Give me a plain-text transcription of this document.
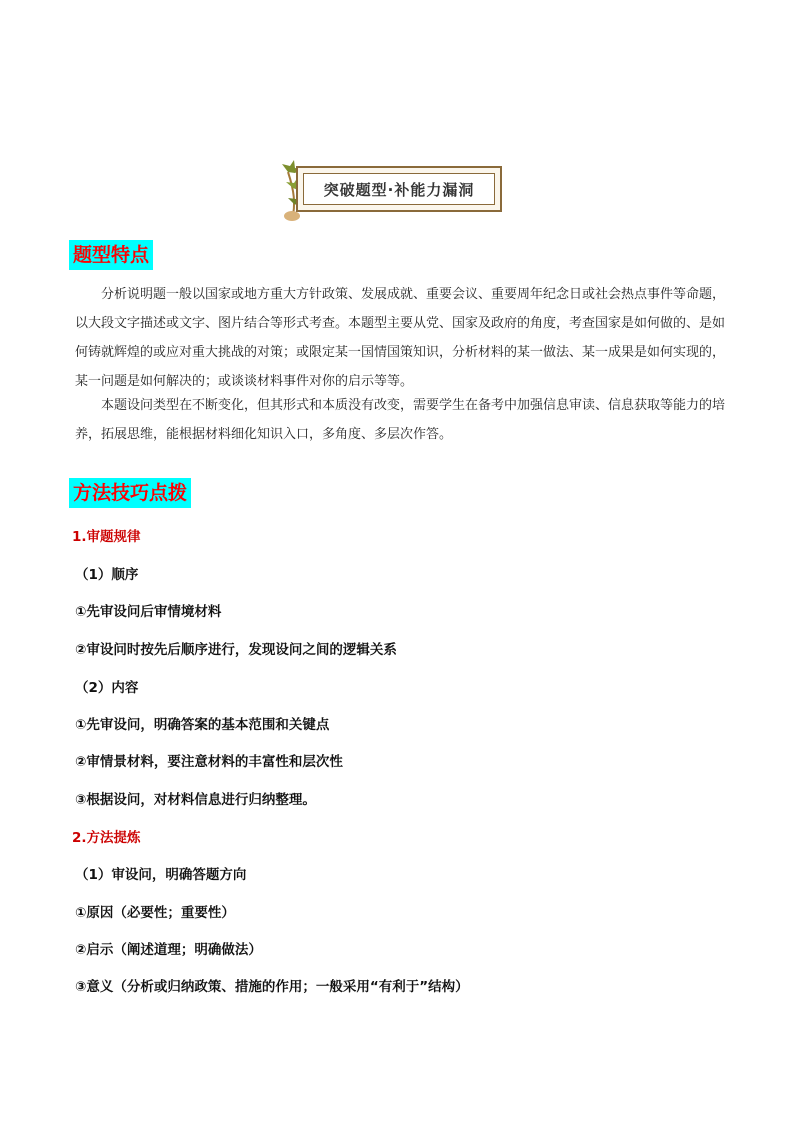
突破题型·补能力漏洞
题型特点
分析说明题一般以国家或地方重大方针政策、发展成就、重要会议、重要周年纪念日或社会热点事件等命题，以大段文字描述或文字、图片结合等形式考查。本题型主要从党、国家及政府的角度，考查国家是如何做的、是如何铸就辉煌的或应对重大挑战的对策；或限定某一国情国策知识，分析材料的某一做法、某一成果是如何实现的，某一问题是如何解决的；或谈谈材料事件对你的启示等等。
本题设问类型在不断变化，但其形式和本质没有改变，需要学生在备考中加强信息审读、信息获取等能力的培养，拓展思维，能根据材料细化知识入口，多角度、多层次作答。
方法技巧点拨
1.审题规律
（1）顺序
①先审设问后审情境材料
②审设问时按先后顺序进行，发现设问之间的逻辑关系
（2）内容
①先审设问，明确答案的基本范围和关键点
②审情景材料，要注意材料的丰富性和层次性
③根据设问，对材料信息进行归纳整理。
2.方法提炼
（1）审设问，明确答题方向
①原因（必要性；重要性）
②启示（阐述道理；明确做法）
③意义（分析或归纳政策、措施的作用；一般采用“有利于”结构）
